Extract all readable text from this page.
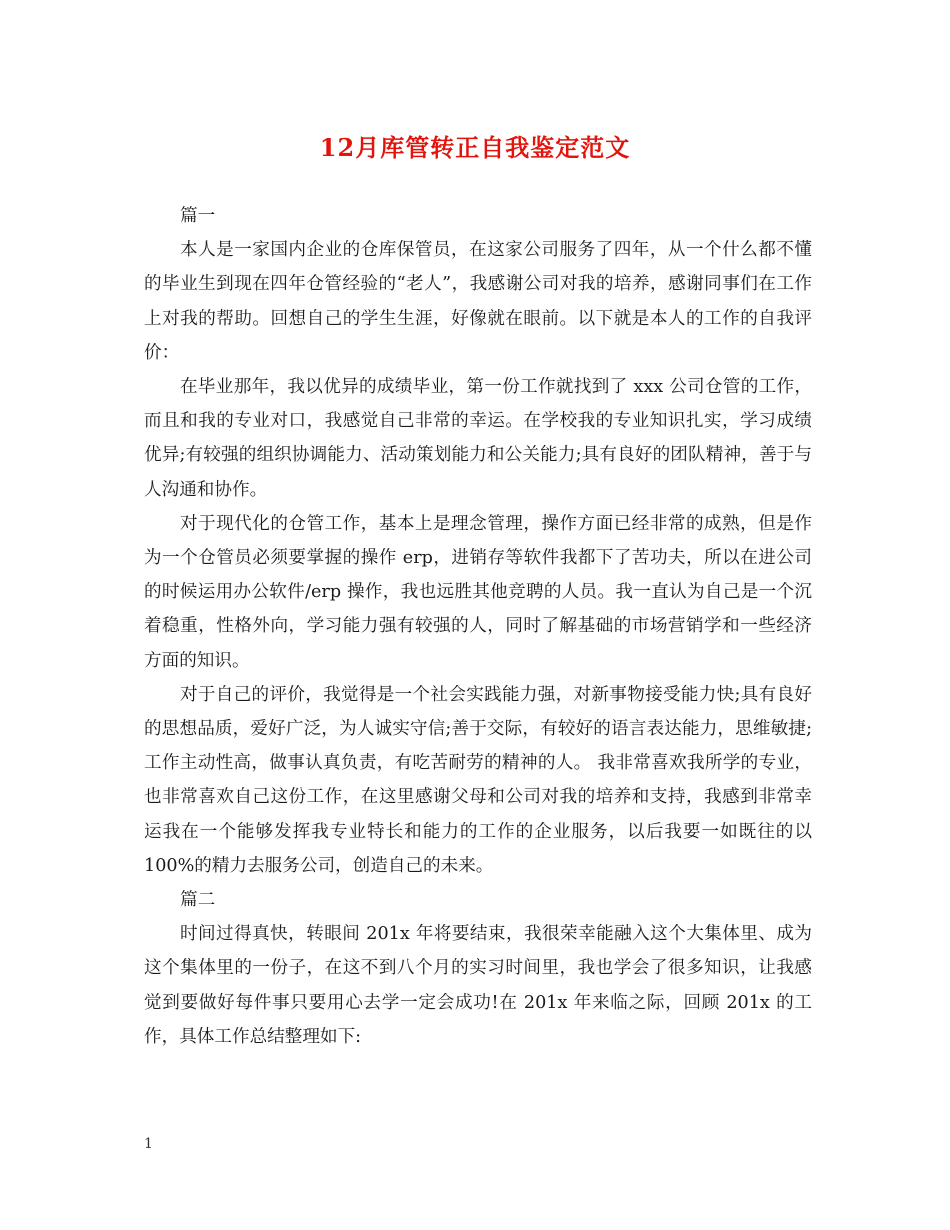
12月库管转正自我鉴定范文

篇一

本人是一家国内企业的仓库保管员，在这家公司服务了四年，从一个什么都不懂的毕业生到现在四年仓管经验的“老人”，我感谢公司对我的培养，感谢同事们在工作上对我的帮助。回想自己的学生生涯，好像就在眼前。以下就是本人的工作的自我评价：

在毕业那年，我以优异的成绩毕业，第一份工作就找到了 xxx 公司仓管的工作，而且和我的专业对口，我感觉自己非常的幸运。在学校我的专业知识扎实，学习成绩优异;有较强的组织协调能力、活动策划能力和公关能力;具有良好的团队精神，善于与人沟通和协作。

对于现代化的仓管工作，基本上是理念管理，操作方面已经非常的成熟，但是作为一个仓管员必须要掌握的操作 erp，进销存等软件我都下了苦功夫，所以在进公司的时候运用办公软件/erp 操作，我也远胜其他竞聘的人员。我一直认为自己是一个沉着稳重，性格外向，学习能力强有较强的人，同时了解基础的市场营销学和一些经济方面的知识。

对于自己的评价，我觉得是一个社会实践能力强，对新事物接受能力快;具有良好的思想品质，爱好广泛，为人诚实守信;善于交际，有较好的语言表达能力，思维敏捷;工作主动性高，做事认真负责，有吃苦耐劳的精神的人。 我非常喜欢我所学的专业，也非常喜欢自己这份工作，在这里感谢父母和公司对我的培养和支持，我感到非常幸运我在一个能够发挥我专业特长和能力的工作的企业服务，以后我要一如既往的以 100%的精力去服务公司，创造自己的未来。

篇二

时间过得真快，转眼间 201x 年将要结束，我很荣幸能融入这个大集体里、成为这个集体里的一份子，在这不到八个月的实习时间里，我也学会了很多知识，让我感觉到要做好每件事只要用心去学一定会成功!在 201x 年来临之际，回顾 201x 的工作，具体工作总结整理如下:

1
